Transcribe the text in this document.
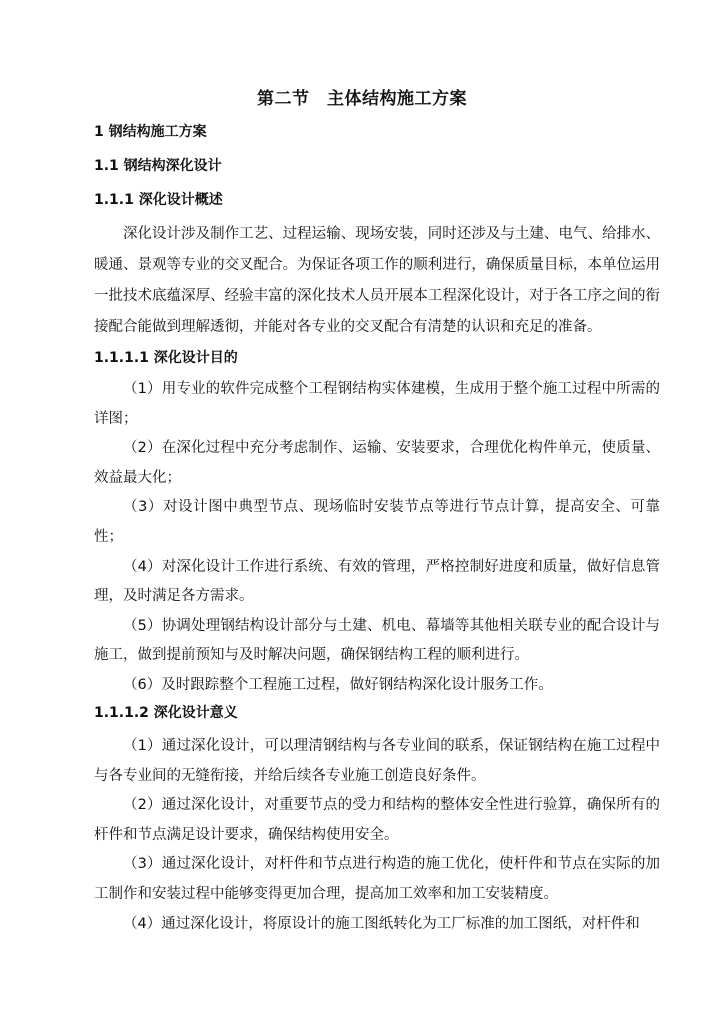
第二节　主体结构施工方案
1 钢结构施工方案
1.1 钢结构深化设计
1.1.1 深化设计概述

深化设计涉及制作工艺、过程运输、现场安装，同时还涉及与土建、电气、给排水、暖通、景观等专业的交叉配合。为保证各项工作的顺利进行，确保质量目标，本单位运用一批技术底蕴深厚、经验丰富的深化技术人员开展本工程深化设计，对于各工序之间的衔接配合能做到理解透彻，并能对各专业的交叉配合有清楚的认识和充足的准备。

1.1.1.1 深化设计目的

（1）用专业的软件完成整个工程钢结构实体建模，生成用于整个施工过程中所需的详图；

（2）在深化过程中充分考虑制作、运输、安装要求，合理优化构件单元，使质量、效益最大化；

（3）对设计图中典型节点、现场临时安装节点等进行节点计算，提高安全、可靠性；

（4）对深化设计工作进行系统、有效的管理，严格控制好进度和质量，做好信息管理，及时满足各方需求。

（5）协调处理钢结构设计部分与土建、机电、幕墙等其他相关联专业的配合设计与施工，做到提前预知与及时解决问题，确保钢结构工程的顺利进行。

（6）及时跟踪整个工程施工过程，做好钢结构深化设计服务工作。

1.1.1.2 深化设计意义

（1）通过深化设计，可以理清钢结构与各专业间的联系，保证钢结构在施工过程中与各专业间的无缝衔接，并给后续各专业施工创造良好条件。

（2）通过深化设计，对重要节点的受力和结构的整体安全性进行验算，确保所有的杆件和节点满足设计要求，确保结构使用安全。

（3）通过深化设计，对杆件和节点进行构造的施工优化，使杆件和节点在实际的加工制作和安装过程中能够变得更加合理，提高加工效率和加工安装精度。

（4）通过深化设计，将原设计的施工图纸转化为工厂标准的加工图纸，对杆件和
